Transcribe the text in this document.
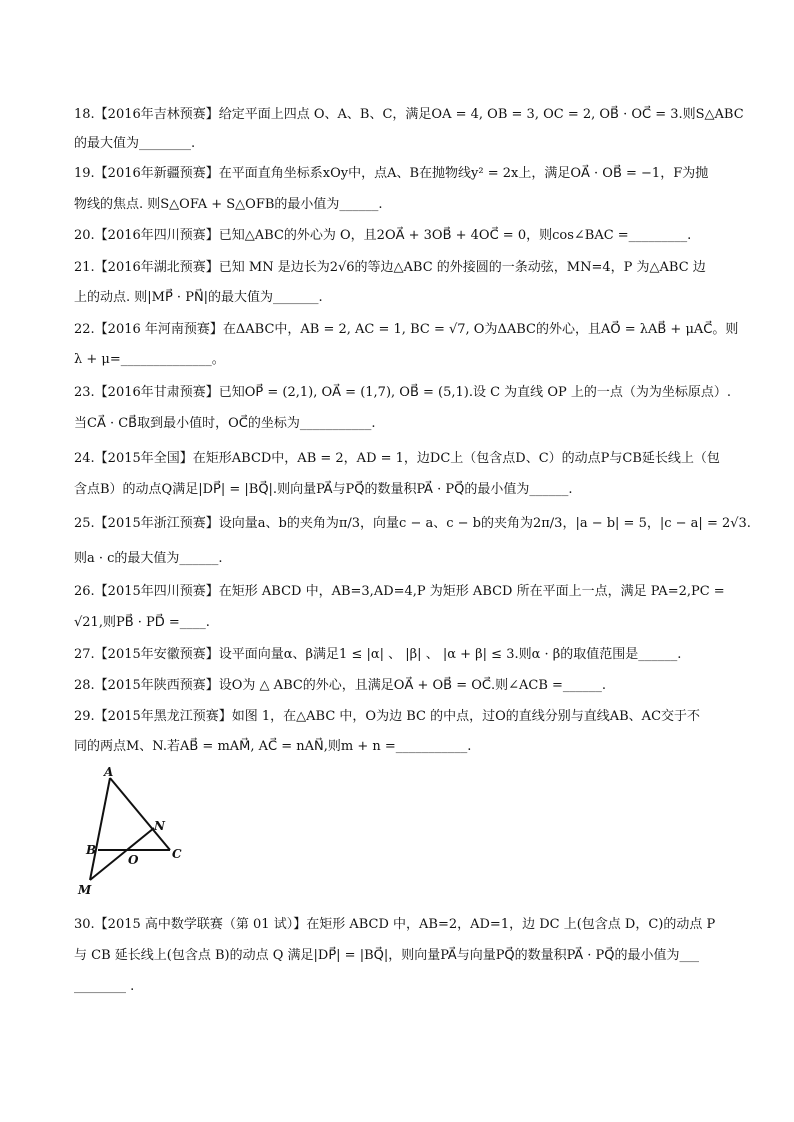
18.【2016年吉林预赛】给定平面上四点 O、A、B、C，满足OA = 4, OB = 3, OC = 2, OB⃗ · OC⃗ = 3.则S△ABC
的最大值为________.
19.【2016年新疆预赛】在平面直角坐标系xOy中，点A、B在抛物线y² = 2x上，满足OA⃗ · OB⃗ = −1，F为抛
物线的焦点. 则S△OFA + S△OFB的最小值为______.
20.【2016年四川预赛】已知△ABC的外心为 O，且2OA⃗ + 3OB⃗ + 4OC⃗ = 0，则cos∠BAC =_________.
21.【2016年湖北预赛】已知 MN 是边长为2√6的等边△ABC 的外接圆的一条动弦，MN=4，P 为△ABC 边
上的动点. 则|MP⃗ · PN⃗|的最大值为_______.
22.【2016 年河南预赛】在ΔABC中，AB = 2, AC = 1, BC = √7, O为ΔABC的外心，且AO⃗ = λAB⃗ + μAC⃗。则
λ + μ=______________。
23.【2016年甘肃预赛】已知OP⃗ = (2,1), OA⃗ = (1,7), OB⃗ = (5,1).设 C 为直线 OP 上的一点（为为坐标原点）.
当CA⃗ · CB⃗取到最小值时，OC⃗的坐标为___________.
24.【2015年全国】在矩形ABCD中，AB = 2，AD = 1，边DC上（包含点D、C）的动点P与CB延长线上（包
含点B）的动点Q满足|DP⃗| = |BQ⃗|.则向量PA⃗与PQ⃗的数量积PA⃗ · PQ⃗的最小值为______.
25.【2015年浙江预赛】设向量a、b的夹角为π/3，向量c − a、c − b的夹角为2π/3，|a − b| = 5，|c − a| = 2√3.
则a · c的最大值为______.
26.【2015年四川预赛】在矩形 ABCD 中，AB=3,AD=4,P 为矩形 ABCD 所在平面上一点，满足 PA=2,PC =
√21,则PB⃗ · PD⃗ =____.
27.【2015年安徽预赛】设平面向量α、β满足1 ≤ |α| 、 |β| 、 |α + β| ≤ 3.则α · β的取值范围是______.
28.【2015年陕西预赛】设O为 △ ABC的外心，且满足OA⃗ + OB⃗ = OC⃗.则∠ACB =______.
29.【2015年黑龙江预赛】如图 1，在△ABC 中，O为边 BC 的中点，过O的直线分别与直线AB、AC交于不
同的两点M、N.若AB⃗ = mAM⃗, AC⃗ = nAN⃗,则m + n =___________.
A
N
B
O	C
M
30.【2015 高中数学联赛（第 01 试）】在矩形 ABCD 中，AB=2，AD=1，边 DC 上(包含点 D，C)的动点 P
与 CB 延长线上(包含点 B)的动点 Q 满足|DP⃗| = |BQ⃗|，则向量PA⃗与向量PQ⃗的数量积PA⃗ · PQ⃗的最小值为___
________ .
